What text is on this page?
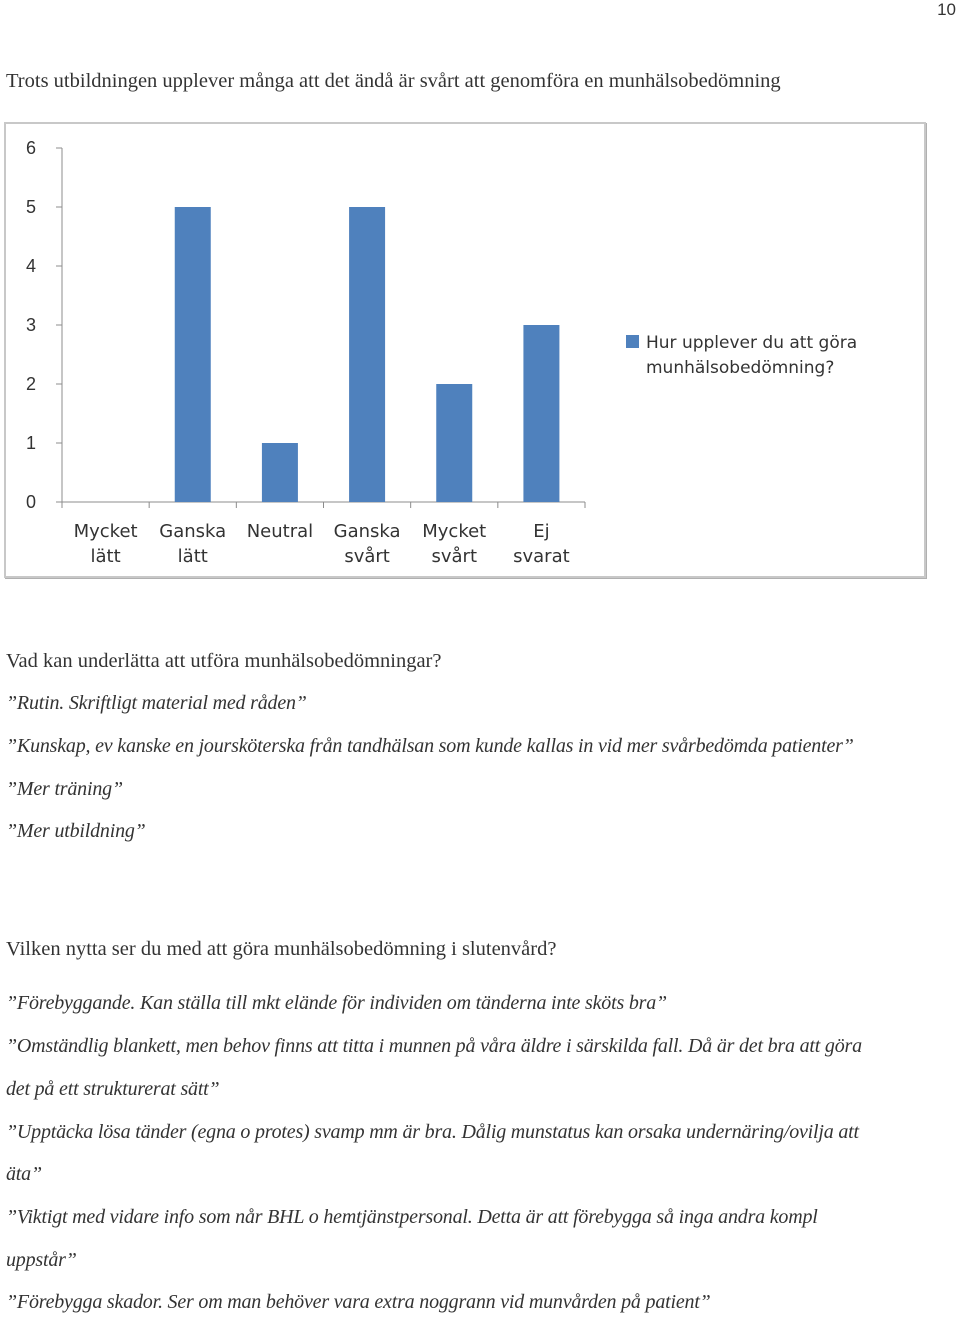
10
Trots utbildningen upplever många att det ändå är svårt att genomföra en munhälsobedömning
0
1
2
3
4
5
6
Mycket
lätt
Ganska
lätt
Neutral Ganska
svårt
Mycket
svårt
Ej
svarat
Hur upplever du att göra
munhälsobedömning?
Vad kan underlätta att utföra munhälsobedömningar?
”Rutin. Skriftligt material med råden”
”Kunskap, ev kanske en joursköterska från tandhälsan som kunde kallas in vid mer svårbedömda patienter”
”Mer träning”
”Mer utbildning”
Vilken nytta ser du med att göra munhälsobedömning i slutenvård?
”Förebyggande. Kan ställa till mkt elände för individen om tänderna inte sköts bra”
”Omständlig blankett, men behov finns att titta i munnen på våra äldre i särskilda fall. Då är det bra att göra
det på ett strukturerat sätt”
”Upptäcka lösa tänder (egna o protes) svamp mm är bra. Dålig munstatus kan orsaka undernäring/ovilja att
äta”
”Viktigt med vidare info som når BHL o hemtjänstpersonal. Detta är att förebygga så inga andra kompl
uppstår”
”Förebygga skador. Ser om man behöver vara extra noggrann vid munvården på patient”
